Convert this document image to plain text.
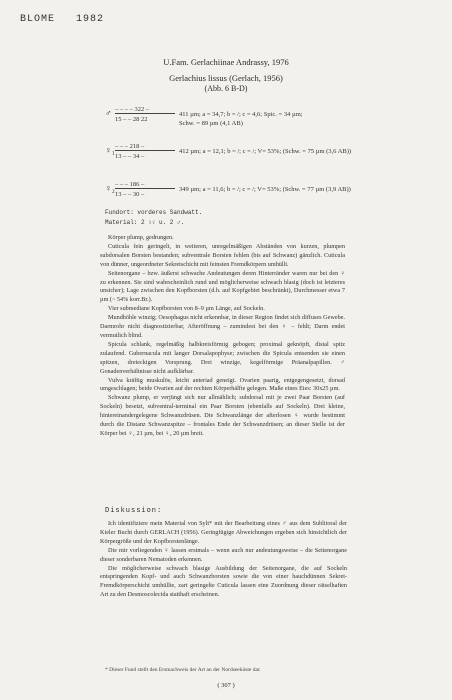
BLOME 1982
U.Fam. Gerlachiinae Andrassy, 1976
Gerlachius lissus (Gerlach, 1956)
(Abb. 6 B-D)
♂ – – – – 322 –
15 – – 28 22
411 µm; a = 34,7; b = /; c = 4,6; Spic. = 34 µm;
Schw. = 89 µm (4,1 AB)
♀₁ – – – 218 –
13 – – 34 –
412 µm; a = 12,1; b = /; c = /; V= 53%; (Schw. = 75 µm (3,6 AB))
♀₂ – – – 186 –
13 – – 30 –
349 µm; a = 11,6; b = /; c = /; V= 53%; (Schw. = 77 µm (3,9 AB))
Fundort: vorderes Sandwatt.
Material: 2 ♀♀ u. 2 ♂.

Körper plump, gedrungen.

Cuticula fein geringelt, in weiteren, unregelmäßigen Abständen von kurzen, plumpen subdorsalen Borsten bestanden; subventrale Borsten fehlen (bis auf Schwanz) gänzlich. Cuticula von dünner, ungeordneter Sekretschicht mit feinsten Fremdkörpern umhüllt.

Seitenorgane – bzw. äußerst schwache Andeutungen deren Hinterränder waren nur bei den ♀ zu erkennen. Sie sind wahrscheinlich rund und möglicherweise schwach blasig (doch ist letzteres unsicher); Lage zwischen den Kopfborsten (d.h. auf Kopfgebiet beschränkt), Durchmesser etwa 7 µm (~ 54% korr.Br.).

Vier submediane Kopfborsten von 8–9 µm Länge, auf Sockeln.

Mundhöhle winzig; Oesophagus nicht erkennbar, in dieser Region findet sich diffuses Gewebe. Darmrohr nicht diagnostizierbar, Afteröffnung – zumindest bei den ♀ – fehlt; Darm endet vermutlich blind.

Spicula schlank, regelmäßig halbkreisförmig gebogen; proximal geknöpft, distal spitz zulaufend. Gubernacula mit langer Dorsalapophyse; zwischen die Spicula entsenden sie einen spitzen, dreieckigen Vorsprung. Drei winzige, kegelförmige Präanalpapillen. ♂ Gonadenverhältnisse nicht aufklärbar.

Vulva kräftig muskulös, leicht anteriad geneigt. Ovarien paarig, entgegengesetzt, dorsad umgeschlagen; beide Ovarien auf der rechten Körperhälfte gelegen. Maße eines Eies: 30x25 µm.

Schwanz plump, er verjüngt sich nur allmählich; subdorsal mit je zwei Paar Borsten (auf Sockeln) besetzt, subventral-terminal ein Paar Borsten (ebenfalls auf Sockeln). Drei kleine, hintereinandergelegene Schwanzdrüsen. Die Schwanzlänge der afterlosen ♀ wurde bestimmt durch die Distanz Schwanzspitze – frontales Ende der Schwanzdrüsen; an dieser Stelle ist der Körper bei ♀₁ 21 µm, bei ♀₂ 20 µm breit.

Diskussion:

Ich identifiziere mein Material von Sylt* mit der Bearbeitung eines ♂ aus dem Sublitoral der Kieler Bucht durch GERLACH (1956). Geringfügige Abweichungen ergeben sich hinsichtlich der Körpergröße und der Kopfborstenlänge.

Die mir vorliegenden ♀ lassen erstmals – wenn auch nur andeutungsweise – die Seitenorgane dieser sonderbaren Nematoden erkennen.

Die möglicherweise schwach blasige Ausbildung der Seitenorgane, die auf Sockeln entspringenden Kopf- und auch Schwanzborsten sowie die von einer hauchdünnen Sekret-Fremdkörperschicht umhüllte, zart geringelte Cuticula lassen eine Zuordnung dieser rätselhaften Art zu den Desmoscolecida statthaft erscheinen.

* Dieser Fund stellt den Erstnachweis der Art an der Nordseeküste dar.
( 307 )
